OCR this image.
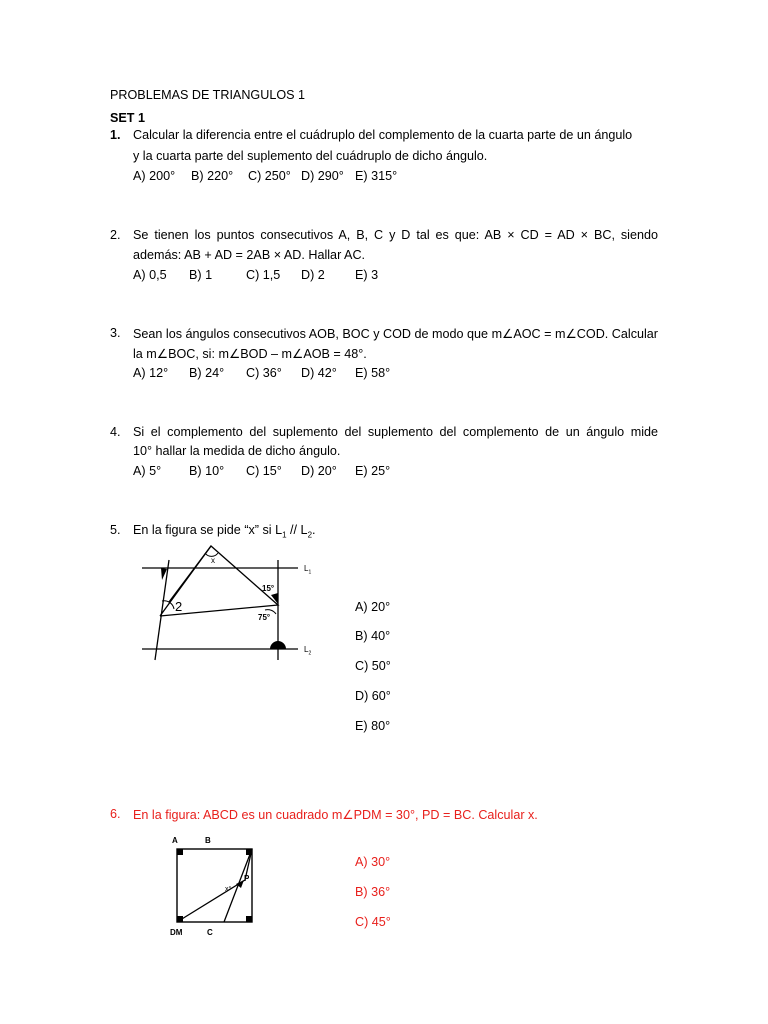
PROBLEMAS DE TRIANGULOS 1
SET 1
1. Calcular la diferencia entre el cuádruplo del complemento de la cuarta parte de un ángulo
y la cuarta parte del suplemento del cuádruplo de dicho ángulo.
A) 200° B) 220° C) 250° D) 290° E) 315°
2. Se tienen los puntos consecutivos A, B, C y D tal es que: AB × CD = AD × BC, siendo
además: AB + AD = 2AB × AD. Hallar AC.
A) 0,5 B) 1	C) 1,5 D) 2 E) 3
3. Sean los ángulos consecutivos AOB, BOC y COD de modo que m∠AOC = m∠COD. Calcular
la m∠BOC, si: m∠BOD – m∠AOB = 48°.
A) 12° B) 24° C) 36° D) 42° E) 58°
4. Si el complemento del suplemento del suplemento del complemento de un ángulo mide
10° hallar la medida de dicho ángulo.
A) 5° B) 10° C) 15° D) 20° E) 25°
5. En la figura se pide “x” si $L_1 // L_2$.
x
$L_1$
$L_2$
15°
75°
2	A) 20°
B) 40°
C) 50°
D) 60°
E) 80°
6. En la figura: ABCD es un cuadrado m∠PDM = 30°, PD = BC. Calcular x.
A	B
DM	C
P
x°
A) 30°
B) 36°
C) 45°
